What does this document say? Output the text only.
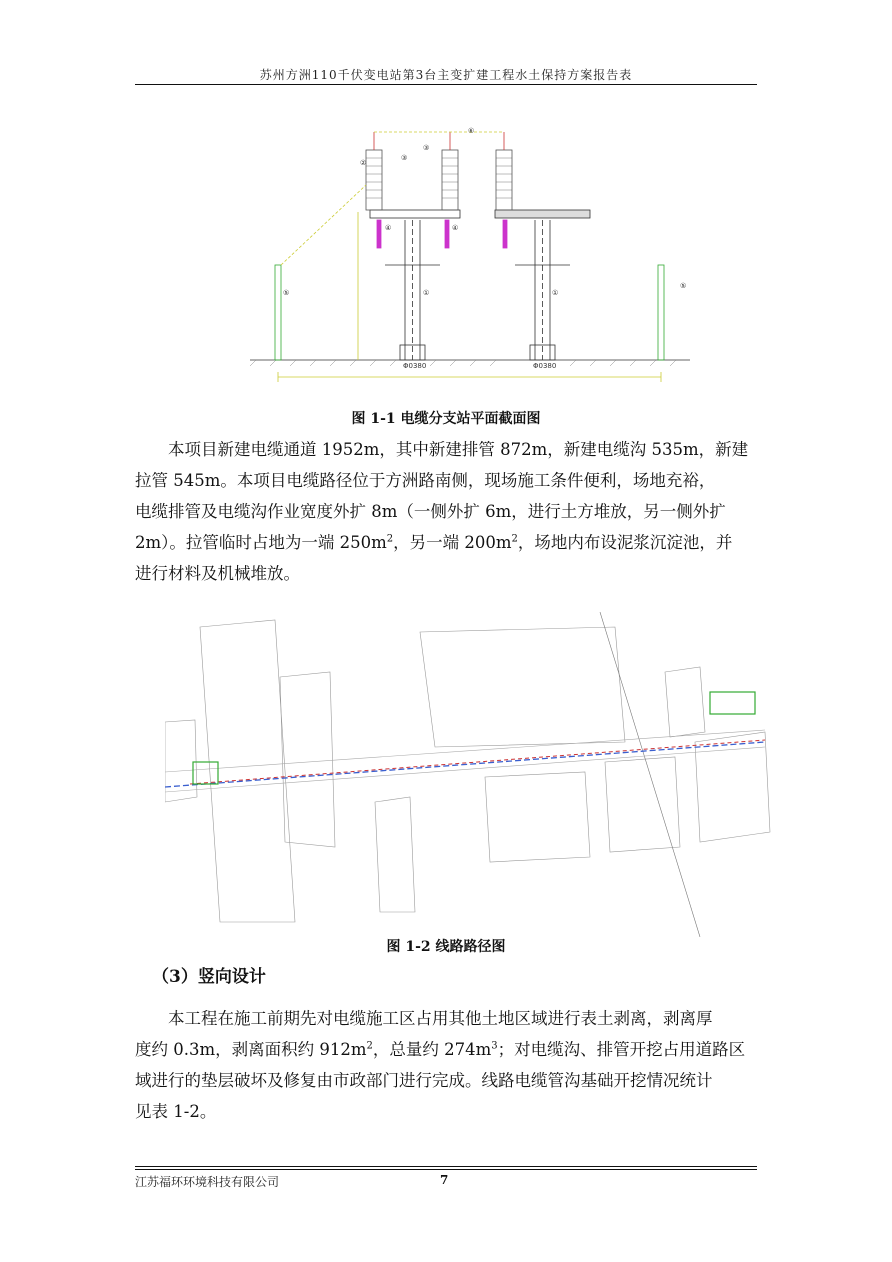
苏州方洲110千伏变电站第3台主变扩建工程水土保持方案报告表
⑥
②
③
③
④	④
①	①
⑤
⑤
Φ0380	Φ0380
图 1-1 电缆分支站平面截面图
本项目新建电缆通道 1952m，其中新建排管 872m，新建电缆沟 535m，新建
拉管 545m。本项目电缆路径位于方洲路南侧，现场施工条件便利，场地充裕，
电缆排管及电缆沟作业宽度外扩 8m（一侧外扩 6m，进行土方堆放，另一侧外扩
2m）。拉管临时占地为一端 $250m^2$，另一端 $200m^2$，场地内布设泥浆沉淀池，并
进行材料及机械堆放。
图 1-2 线路路径图
（3）竖向设计
本工程在施工前期先对电缆施工区占用其他土地区域进行表土剥离，剥离厚
度约 0.3m，剥离面积约 $912m^2$，总量约 $274m^3$；对电缆沟、排管开挖占用道路区
域进行的垫层破坏及修复由市政部门进行完成。线路电缆管沟基础开挖情况统计
见表 1-2。
江苏福环环境科技有限公司	7
